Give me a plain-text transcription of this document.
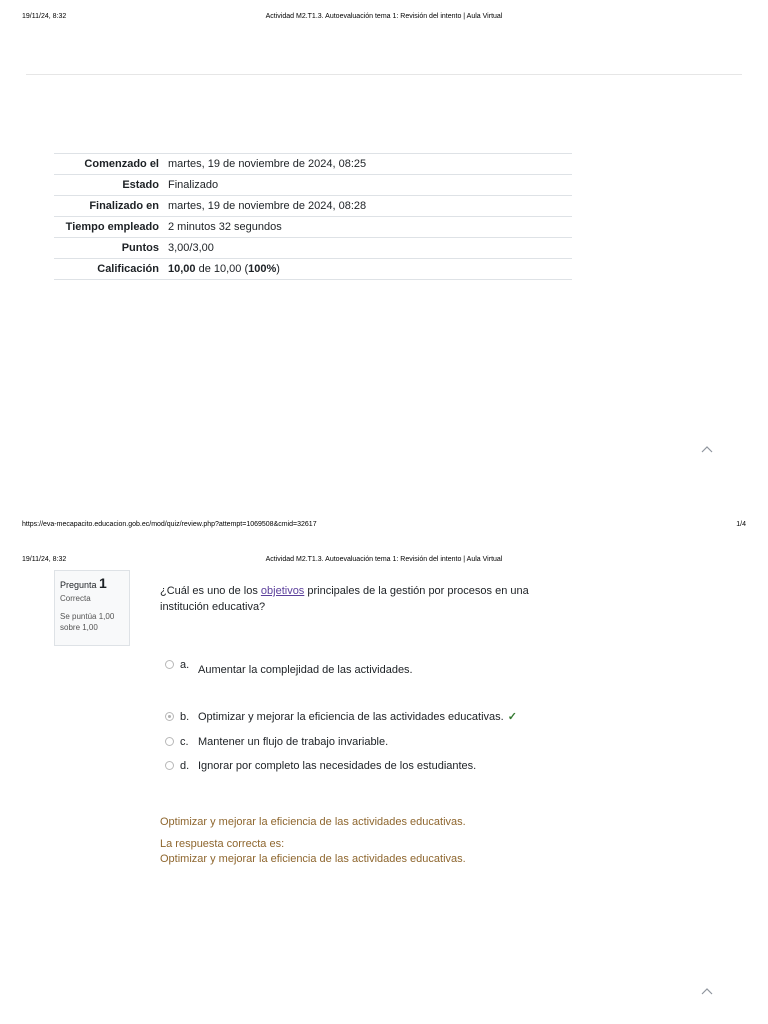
19/11/24, 8:32	Actividad M2.T1.3. Autoevaluación tema 1: Revisión del intento | Aula Virtual
Comenzado el	martes, 19 de noviembre de 2024, 08:25
Estado	Finalizado
Finalizado en	martes, 19 de noviembre de 2024, 08:28
Tiempo empleado	2 minutos 32 segundos
Puntos	3,00/3,00
Calificación	10,00 de 10,00 (100%)
https://eva-mecapacito.educacion.gob.ec/mod/quiz/review.php?attempt=1069508&cmid=32617	1/4
19/11/24, 8:32	Actividad M2.T1.3. Autoevaluación tema 1: Revisión del intento | Aula Virtual
Pregunta 1
Correcta
Se puntúa 1,00 sobre 1,00
¿Cuál es uno de los objetivos principales de la gestión por procesos en una institución educativa?
a. Aumentar la complejidad de las actividades.
b. Optimizar y mejorar la eficiencia de las actividades educativas. ✓
c. Mantener un flujo de trabajo invariable.
d. Ignorar por completo las necesidades de los estudiantes.
Optimizar y mejorar la eficiencia de las actividades educativas.
La respuesta correcta es:
Optimizar y mejorar la eficiencia de las actividades educativas.
